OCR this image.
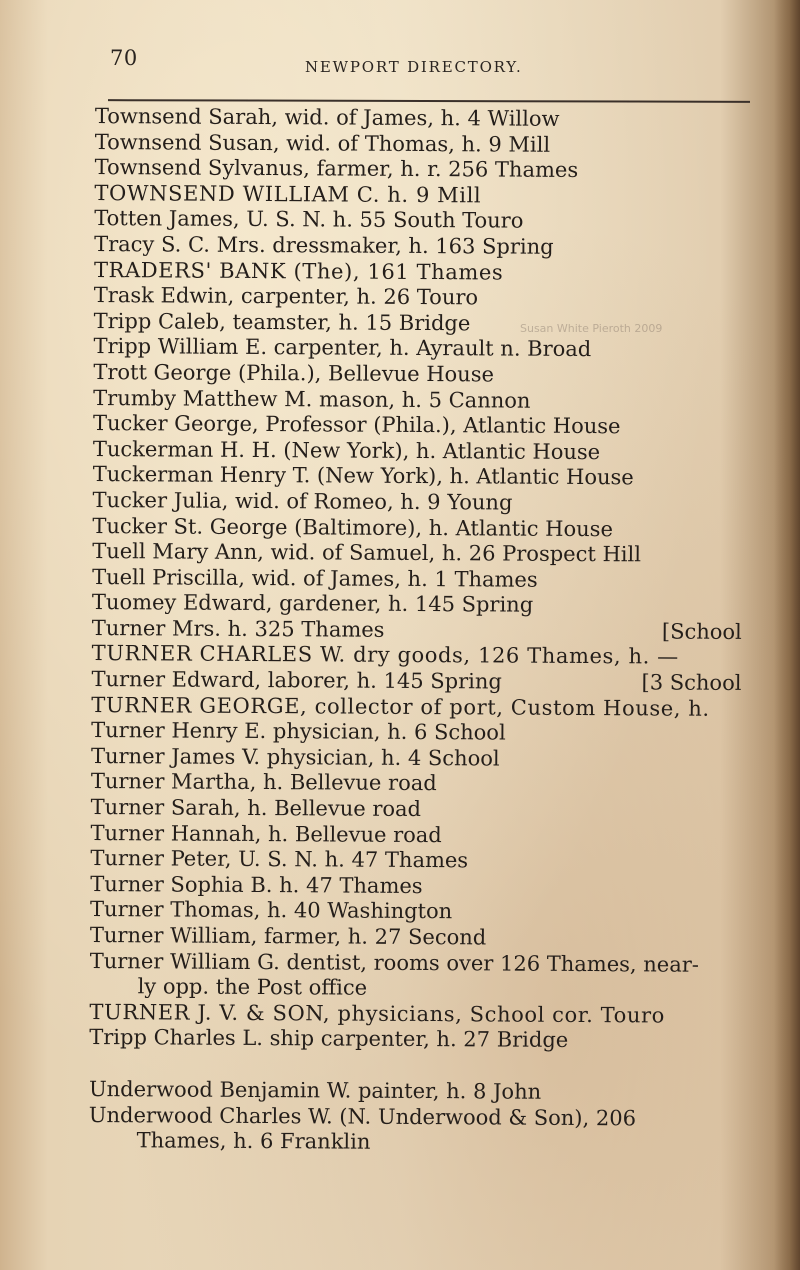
70	NEWPORT DIRECTORY.
Susan White Pieroth 2009
Townsend Sarah, wid. of James, h. 4 Willow
Townsend Susan, wid. of Thomas, h. 9 Mill
Townsend Sylvanus, farmer, h. r. 256 Thames
TOWNSEND WILLIAM C. h. 9 Mill
Totten James, U. S. N. h. 55 South Touro
Tracy S. C. Mrs. dressmaker, h. 163 Spring
TRADERS' BANK (The), 161 Thames
Trask Edwin, carpenter, h. 26 Touro
Tripp Caleb, teamster, h. 15 Bridge
Tripp William E. carpenter, h. Ayrault n. Broad
Trott George (Phila.), Bellevue House
Trumby Matthew M. mason, h. 5 Cannon
Tucker George, Professor (Phila.), Atlantic House
Tuckerman H. H. (New York), h. Atlantic House
Tuckerman Henry T. (New York), h. Atlantic House
Tucker Julia, wid. of Romeo, h. 9 Young
Tucker St. George (Baltimore), h. Atlantic House
Tuell Mary Ann, wid. of Samuel, h. 26 Prospect Hill
Tuell Priscilla, wid. of James, h. 1 Thames
Tuomey Edward, gardener, h. 145 Spring
Turner Mrs. h. 325 Thames	[School
TURNER CHARLES W. dry goods, 126 Thames, h. —
Turner Edward, laborer, h. 145 Spring	[3 School
TURNER GEORGE, collector of port, Custom House, h.
Turner Henry E. physician, h. 6 School
Turner James V. physician, h. 4 School
Turner Martha, h. Bellevue road
Turner Sarah, h. Bellevue road
Turner Hannah, h. Bellevue road
Turner Peter, U. S. N. h. 47 Thames
Turner Sophia B. h. 47 Thames
Turner Thomas, h. 40 Washington
Turner William, farmer, h. 27 Second
Turner William G. dentist, rooms over 126 Thames, near-
ly opp. the Post office
TURNER J. V. & SON, physicians, School cor. Touro
Tripp Charles L. ship carpenter, h. 27 Bridge
Underwood Benjamin W. painter, h. 8 John
Underwood Charles W. (N. Underwood & Son), 206
Thames, h. 6 Franklin
